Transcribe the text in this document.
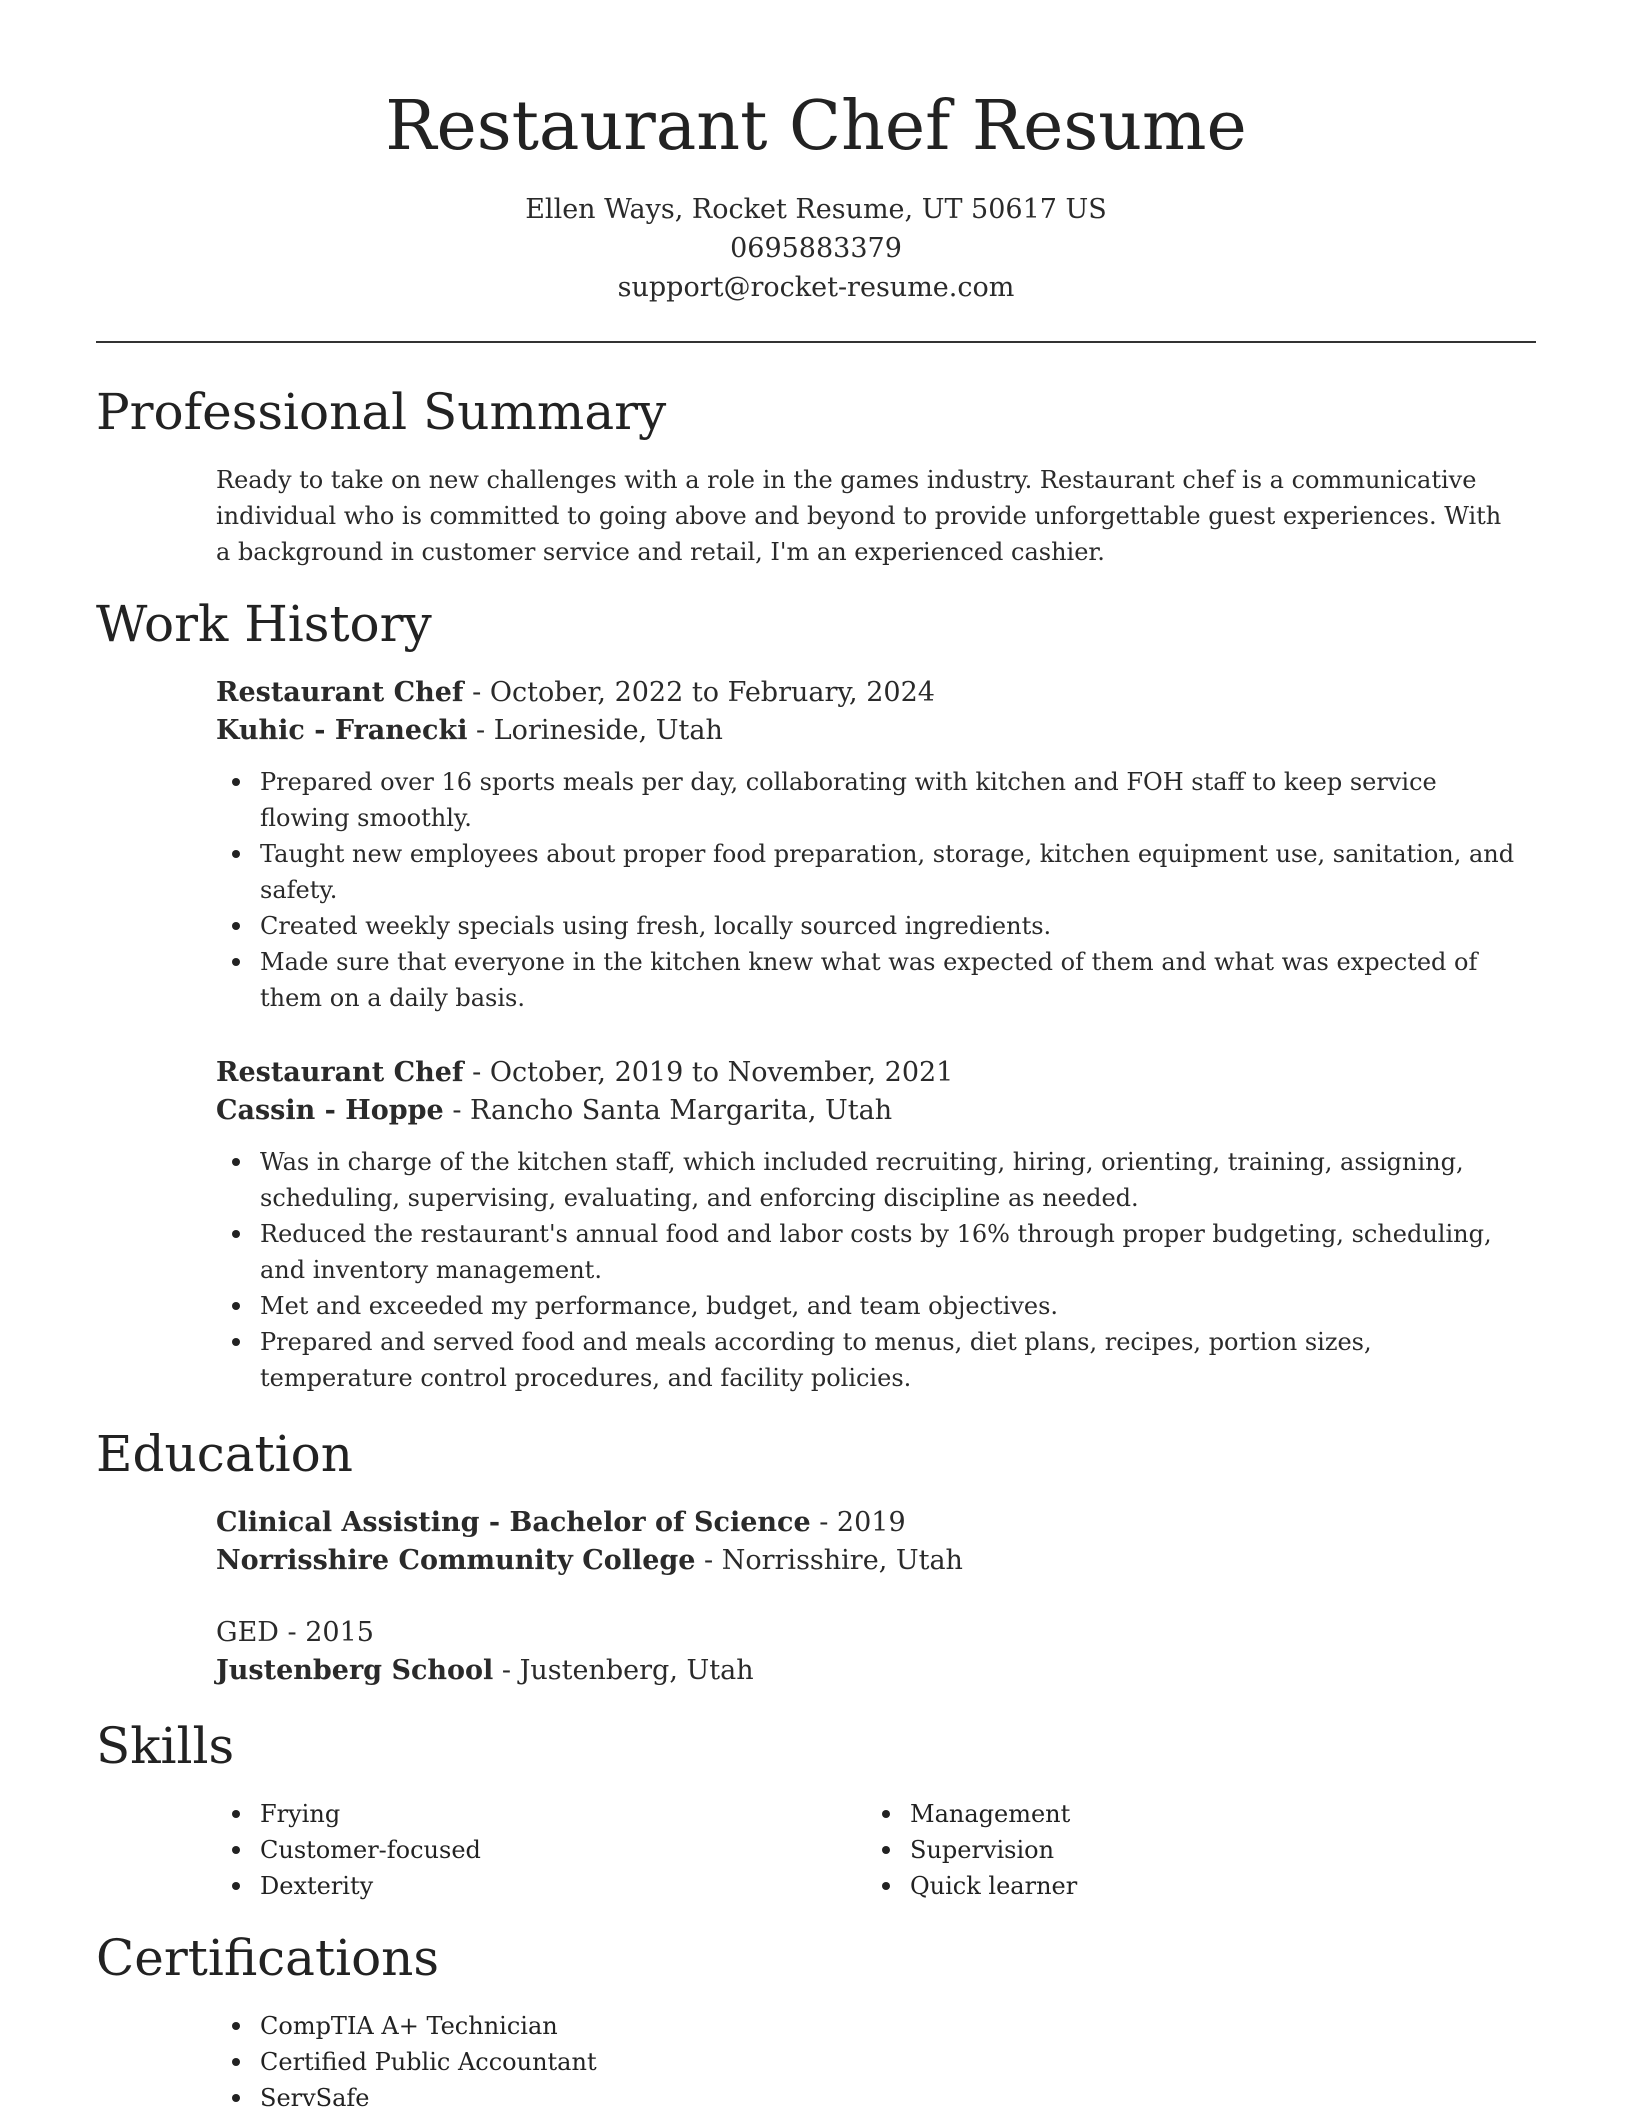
Restaurant Chef Resume
Ellen Ways, Rocket Resume, UT 50617 US
0695883379
support@rocket-resume.com
Professional Summary
Ready to take on new challenges with a role in the games industry. Restaurant chef is a communicative individual who is committed to going above and beyond to provide unforgettable guest experiences. With a background in customer service and retail, I'm an experienced cashier.
Work History
Restaurant Chef - October, 2022 to February, 2024
Kuhic - Franecki - Lorineside, Utah
Prepared over 16 sports meals per day, collaborating with kitchen and FOH staff to keep service flowing smoothly.
Taught new employees about proper food preparation, storage, kitchen equipment use, sanitation, and safety.
Created weekly specials using fresh, locally sourced ingredients.
Made sure that everyone in the kitchen knew what was expected of them and what was expected of them on a daily basis.
Restaurant Chef - October, 2019 to November, 2021
Cassin - Hoppe - Rancho Santa Margarita, Utah
Was in charge of the kitchen staff, which included recruiting, hiring, orienting, training, assigning, scheduling, supervising, evaluating, and enforcing discipline as needed.
Reduced the restaurant's annual food and labor costs by 16% through proper budgeting, scheduling, and inventory management.
Met and exceeded my performance, budget, and team objectives.
Prepared and served food and meals according to menus, diet plans, recipes, portion sizes, temperature control procedures, and facility policies.
Education
Clinical Assisting - Bachelor of Science - 2019
Norrisshire Community College - Norrisshire, Utah
GED - 2015
Justenberg School - Justenberg, Utah
Skills
Frying
Customer-focused
Dexterity
Management
Supervision
Quick learner
Certifications
CompTIA A+ Technician
Certified Public Accountant
ServSafe
